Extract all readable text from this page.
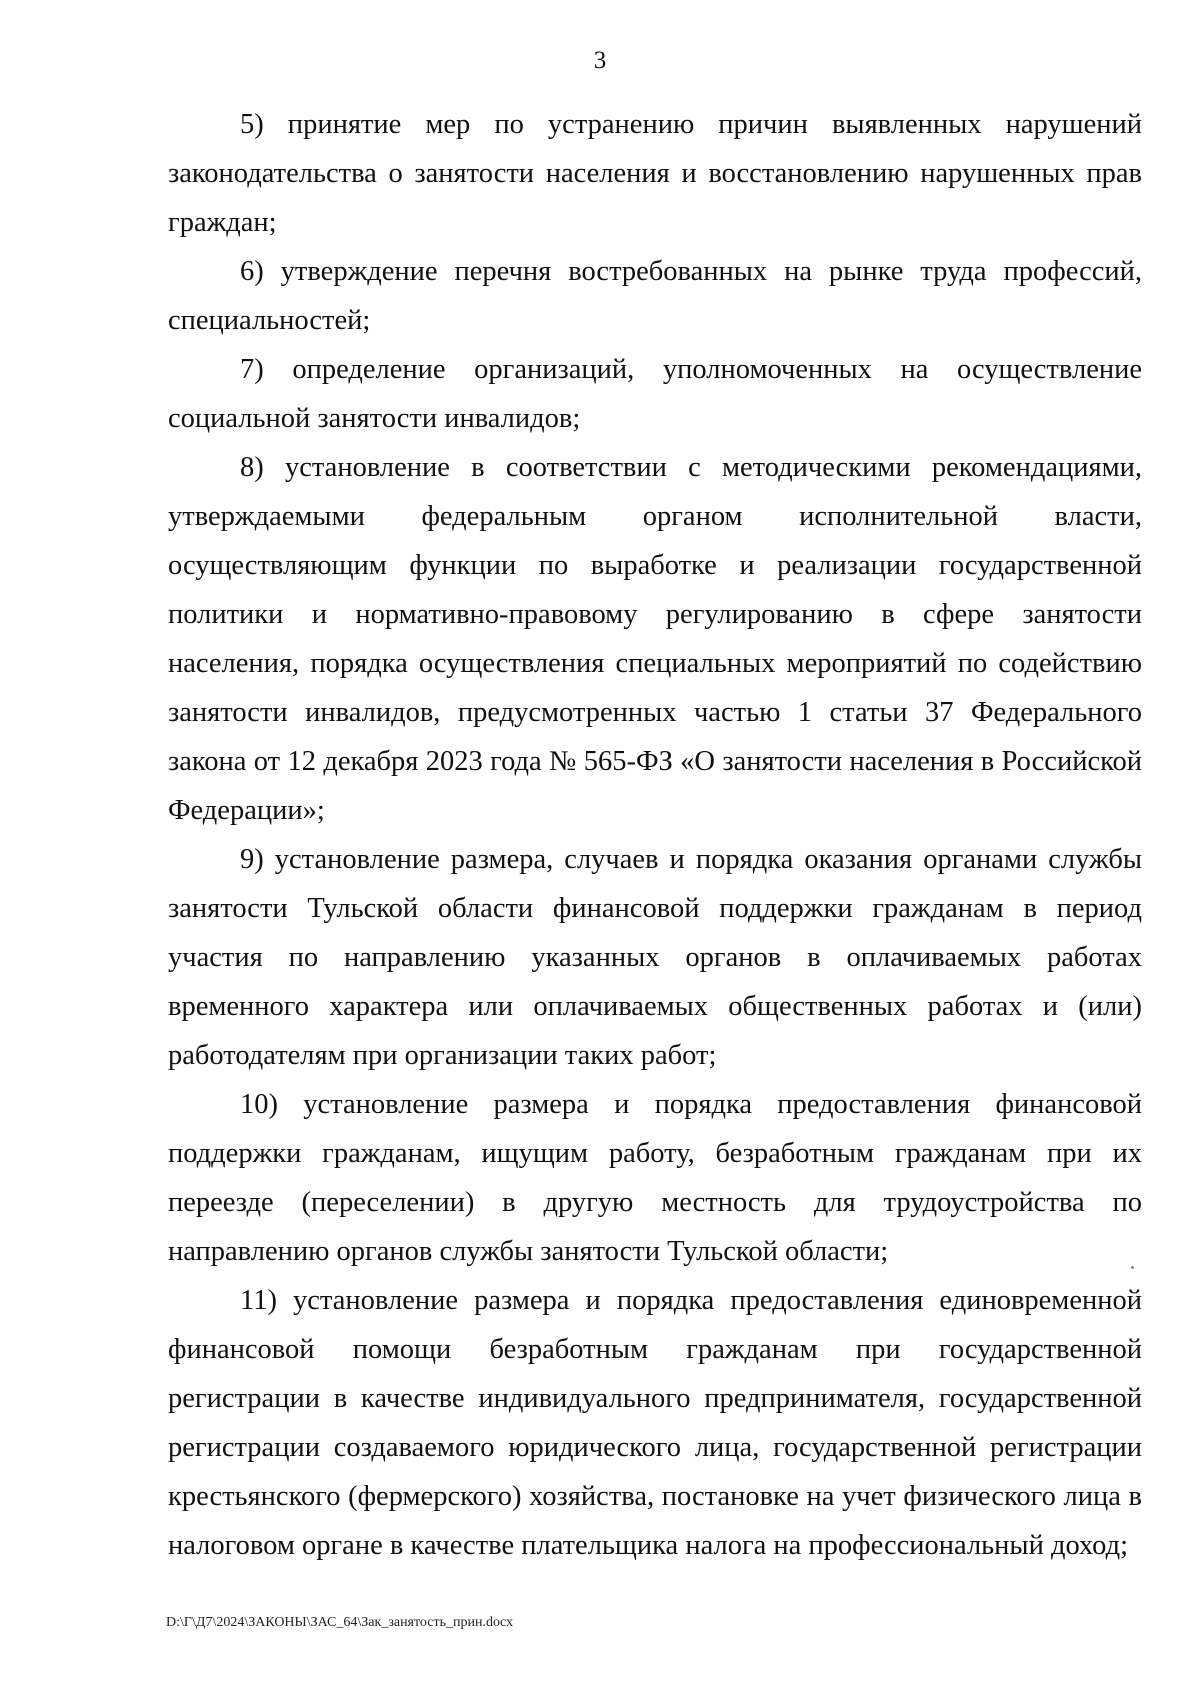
3

5) принятие мер по устранению причин выявленных нарушений законодательства о занятости населения и восстановлению нарушенных прав граждан;

6) утверждение перечня востребованных на рынке труда профессий, специальностей;

7) определение организаций, уполномоченных на осуществление социальной занятости инвалидов;

8) установление в соответствии с методическими рекомендациями, утверждаемыми федеральным органом исполнительной власти, осуществляющим функции по выработке и реализации государственной политики и нормативно-правовому регулированию в сфере занятости населения, порядка осуществления специальных мероприятий по содействию занятости инвалидов, предусмотренных частью 1 статьи 37 Федерального закона от 12 декабря 2023 года № 565-ФЗ «О занятости населения в Российской Федерации»;

9) установление размера, случаев и порядка оказания органами службы занятости Тульской области финансовой поддержки гражданам в период участия по направлению указанных органов в оплачиваемых работах временного характера или оплачиваемых общественных работах и (или) работодателям при организации таких работ;

10) установление размера и порядка предоставления финансовой поддержки гражданам, ищущим работу, безработным гражданам при их переезде (переселении) в другую местность для трудоустройства по направлению органов службы занятости Тульской области;

11) установление размера и порядка предоставления единовременной финансовой помощи безработным гражданам при государственной регистрации в качестве индивидуального предпринимателя, государственной регистрации создаваемого юридического лица, государственной регистрации крестьянского (фермерского) хозяйства, постановке на учет физического лица в налоговом органе в качестве плательщика налога на профессиональный доход;

D:\Г\Д7\2024\ЗАКОНЫ\ЗАС_64\Зак_занятость_прин.docx
